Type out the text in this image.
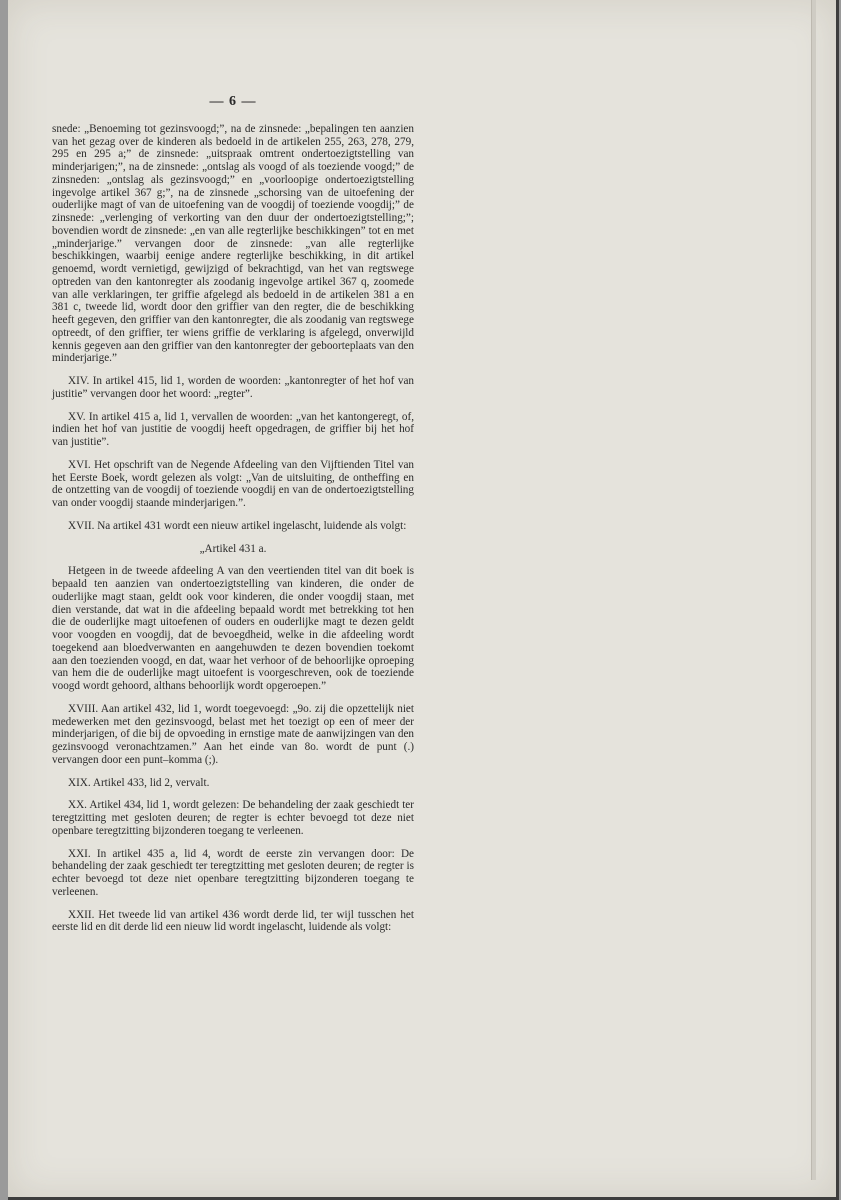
— 6 —

snede: „Benoeming tot gezinsvoogd;”, na de zinsnede: „bepalingen ten aanzien van het gezag over de kinderen als bedoeld in de artikelen 255, 263, 278, 279, 295 en 295 a;” de zinsnede: „uitspraak omtrent ondertoezigtstelling van minderjarigen;”, na de zinsnede: „ontslag als voogd of als toeziende voogd;” de zinsneden: „ontslag als gezinsvoogd;” en „voorloopige ondertoezigtstelling ingevolge artikel 367 g;”, na de zinsnede „schorsing van de uitoefening der ouderlijke magt of van de uitoefening van de voogdij of toeziende voogdij;” de zinsnede: „verlenging of verkorting van den duur der ondertoezigtstelling;”; bovendien wordt de zinsnede: „en van alle regterlijke beschikkingen” tot en met „minderjarige.” vervangen door de zinsnede: „van alle regterlijke beschikkingen, waarbij eenige andere regterlijke beschikking, in dit artikel genoemd, wordt vernietigd, gewijzigd of bekrachtigd, van het van regtswege optreden van den kantonregter als zoodanig ingevolge artikel 367 q, zoomede van alle verklaringen, ter griffie afgelegd als bedoeld in de artikelen 381 a en 381 c, tweede lid, wordt door den griffier van den regter, die de beschikking heeft gegeven, den griffier van den kantonregter, die als zoodanig van regtswege optreedt, of den griffier, ter wiens griffie de verklaring is afgelegd, onverwijld kennis gegeven aan den griffier van den kantonregter der geboorteplaats van den minderjarige.”

XIV. In artikel 415, lid 1, worden de woorden: „kantonregter of het hof van justitie” vervangen door het woord: „regter”.

XV. In artikel 415 a, lid 1, vervallen de woorden: „van het kantongeregt, of, indien het hof van justitie de voogdij heeft opgedragen, de griffier bij het hof van justitie”.

XVI. Het opschrift van de Negende Afdeeling van den Vijftienden Titel van het Eerste Boek, wordt gelezen als volgt: „Van de uitsluiting, de ontheffing en de ontzetting van de voogdij of toeziende voogdij en van de ondertoezigtstelling van onder voogdij staande minderjarigen.”.

XVII. Na artikel 431 wordt een nieuw artikel ingelascht, luidende als volgt:

„Artikel 431 a.

Hetgeen in de tweede afdeeling A van den veertienden titel van dit boek is bepaald ten aanzien van ondertoezigtstelling van kinderen, die onder de ouderlijke magt staan, geldt ook voor kinderen, die onder voogdij staan, met dien verstande, dat wat in die afdeeling bepaald wordt met betrekking tot hen die de ouderlijke magt uitoefenen of ouders en ouderlijke magt te dezen geldt voor voogden en voogdij, dat de bevoegdheid, welke in die afdeeling wordt toegekend aan bloedverwanten en aangehuwden te dezen bovendien toekomt aan den toezienden voogd, en dat, waar het verhoor of de behoorlijke oproeping van hem die de ouderlijke magt uitoefent is voorgeschreven, ook de toeziende voogd wordt gehoord, althans behoorlijk wordt opgeroepen.”

XVIII. Aan artikel 432, lid 1, wordt toegevoegd: „9o. zij die opzettelijk niet medewerken met den gezinsvoogd, belast met het toezigt op een of meer der minderjarigen, of die bij de opvoeding in ernstige mate de aanwijzingen van den gezinsvoogd veronachtzamen.” Aan het einde van 8o. wordt de punt (.) vervangen door een punt–komma (;).

XIX. Artikel 433, lid 2, vervalt.

XX. Artikel 434, lid 1, wordt gelezen: De behandeling der zaak geschiedt ter teregtzitting met gesloten deuren; de regter is echter bevoegd tot deze niet openbare teregtzitting bijzonderen toegang te verleenen.

XXI. In artikel 435 a, lid 4, wordt de eerste zin vervangen door: De behandeling der zaak geschiedt ter teregtzitting met gesloten deuren; de regter is echter bevoegd tot deze niet openbare teregtzitting bijzonderen toegang te verleenen.

XXII. Het tweede lid van artikel 436 wordt derde lid, ter wijl tusschen het eerste lid en dit derde lid een nieuw lid wordt ingelascht, luidende als volgt:
